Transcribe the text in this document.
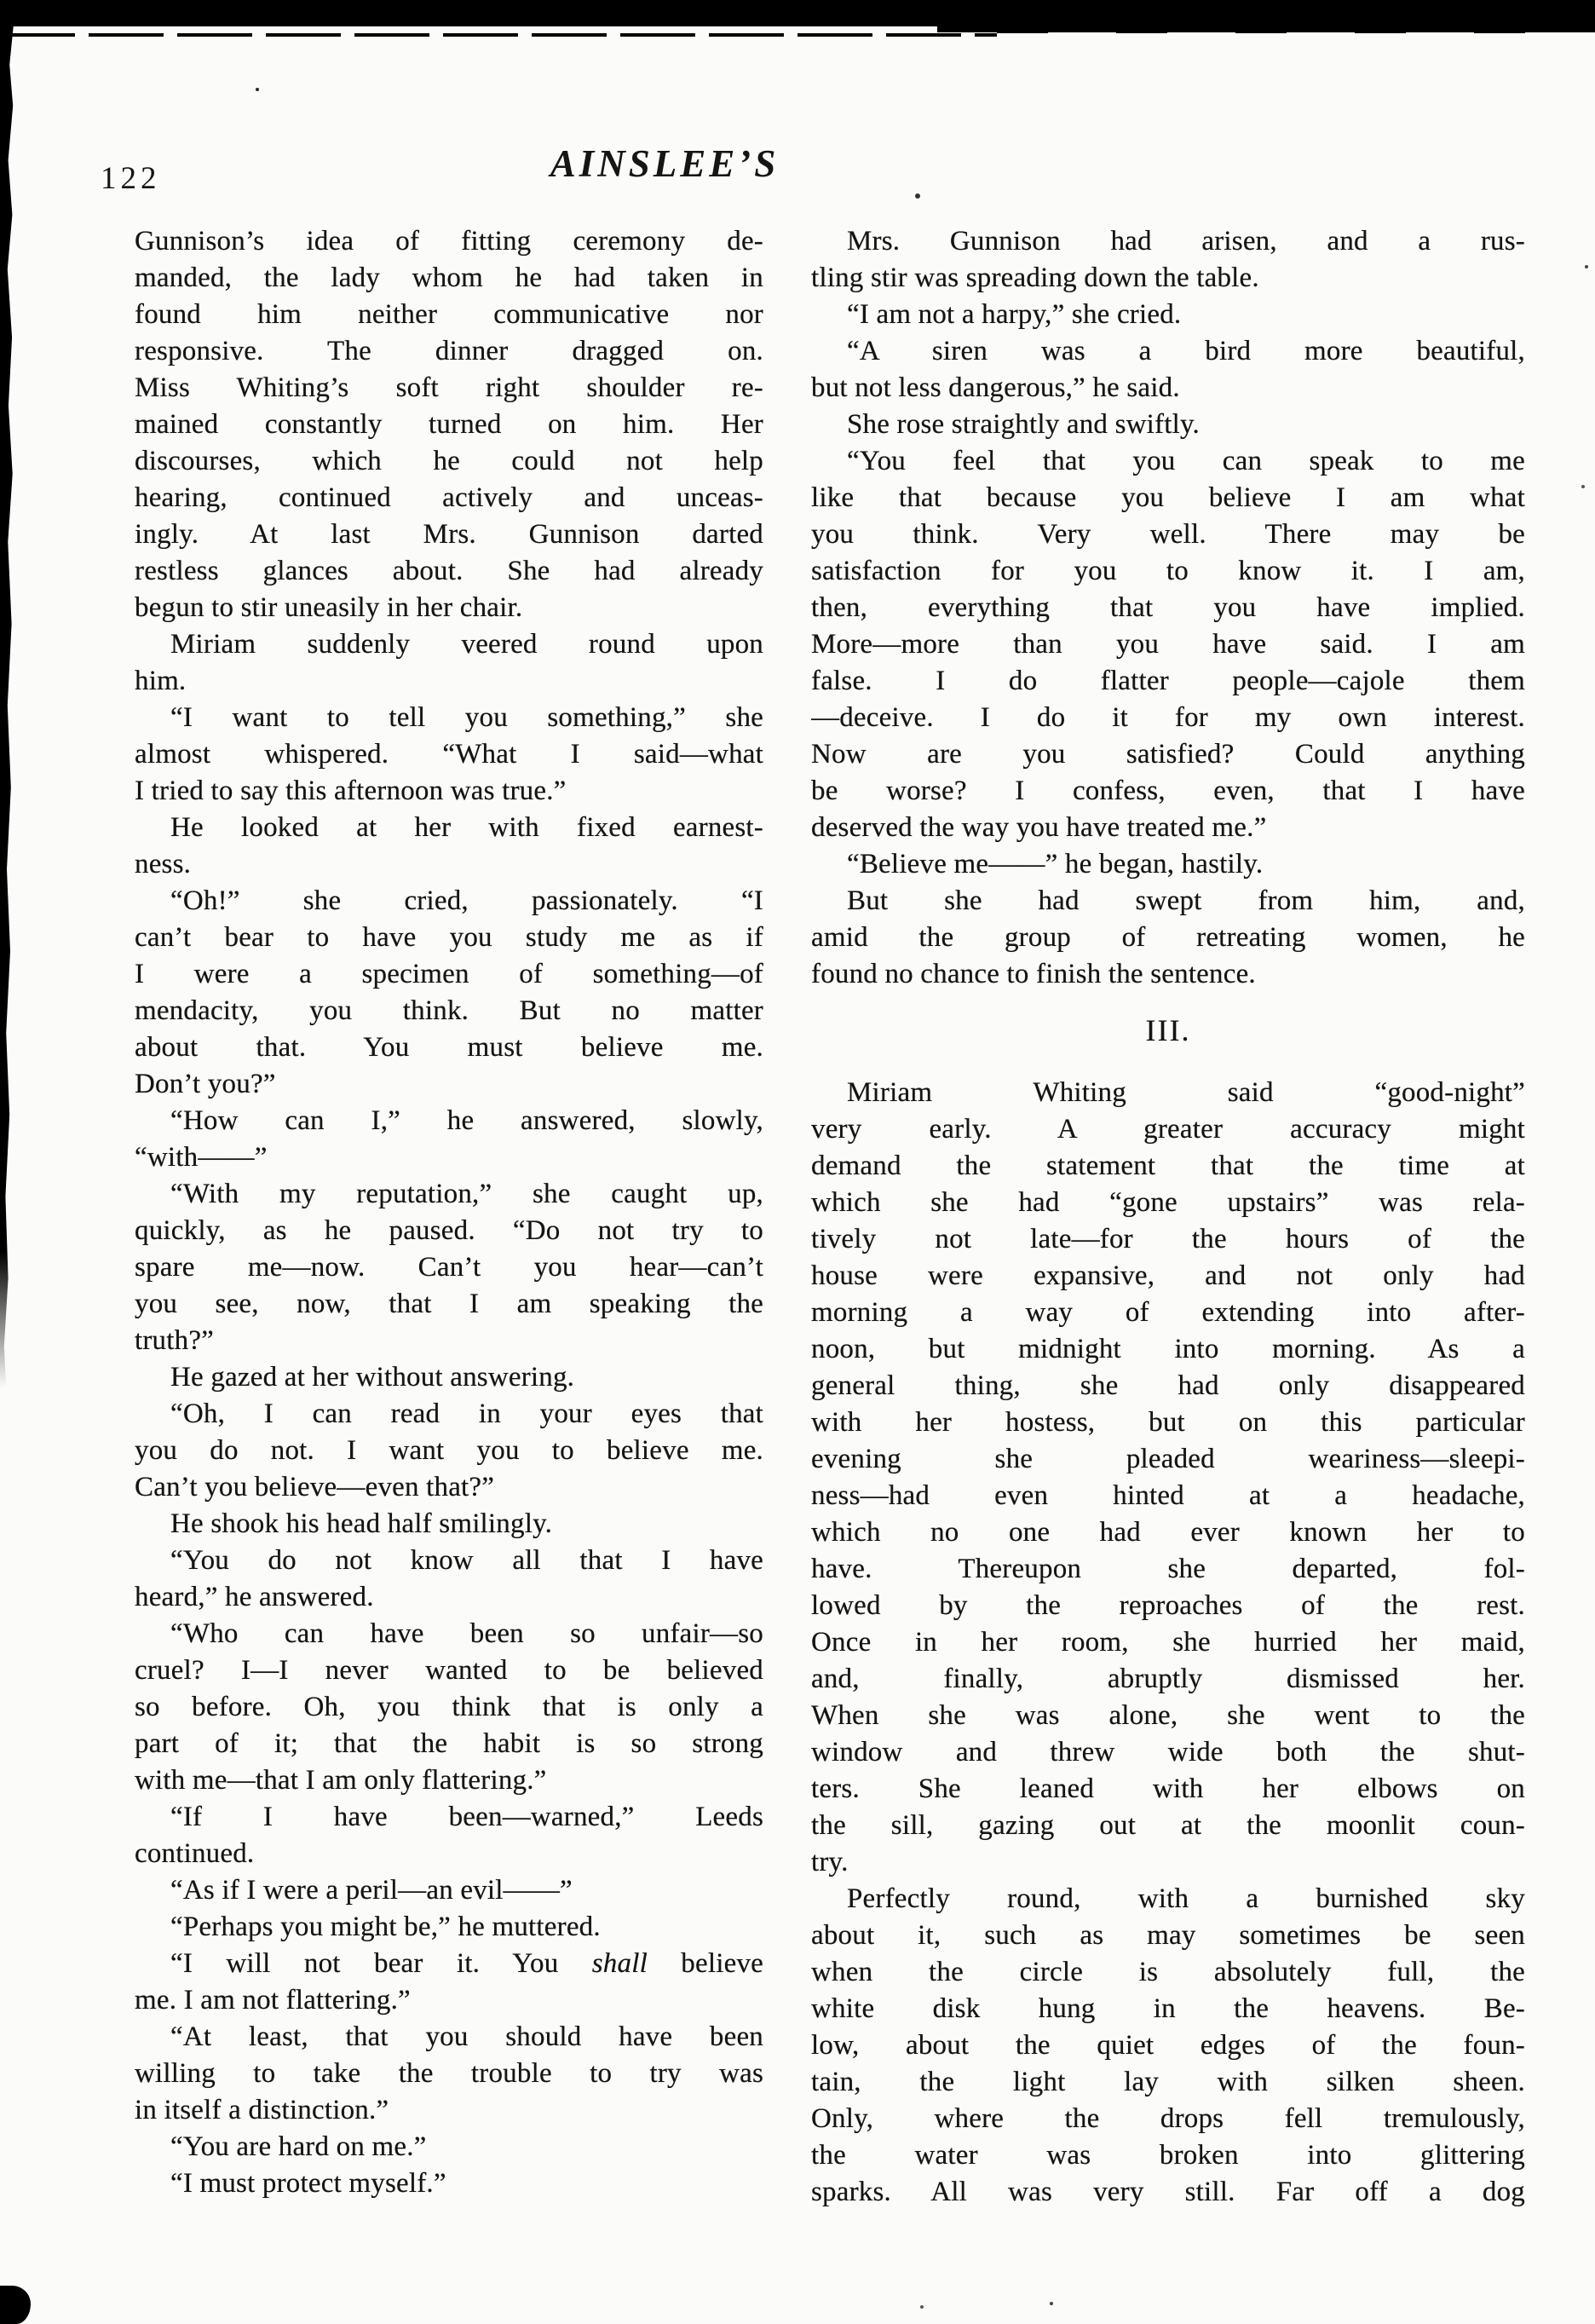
122	AINSLEE’S
Gunnison’s idea of fitting ceremony de-
manded, the lady whom he had taken in
found him neither communicative nor
responsive. The dinner dragged on.
Miss Whiting’s soft right shoulder re-
mained constantly turned on him. Her
discourses, which he could not help
hearing, continued actively and unceas-
ingly. At last Mrs. Gunnison darted
restless glances about. She had already
begun to stir uneasily in her chair.
Miriam suddenly veered round upon
him.
“I want to tell you something,” she
almost whispered. “What I said—what
I tried to say this afternoon was true.”
He looked at her with fixed earnest-
ness.
“Oh!” she cried, passionately. “I
can’t bear to have you study me as if
I were a specimen of something—of
mendacity, you think. But no matter
about that. You must believe me.
Don’t you?”
“How can I,” he answered, slowly,
“with——”
“With my reputation,” she caught up,
quickly, as he paused. “Do not try to
spare me—now. Can’t you hear—can’t
you see, now, that I am speaking the
truth?”
He gazed at her without answering.
“Oh, I can read in your eyes that
you do not. I want you to believe me.
Can’t you believe—even that?”
He shook his head half smilingly.
“You do not know all that I have
heard,” he answered.
“Who can have been so unfair—so
cruel? I—I never wanted to be believed
so before. Oh, you think that is only a
part of it; that the habit is so strong
with me—that I am only flattering.”
“If I have been—warned,” Leeds
continued.
“As if I were a peril—an evil——”
“Perhaps you might be,” he muttered.
“I will not bear it. You shall believe
me. I am not flattering.”
“At least, that you should have been
willing to take the trouble to try was
in itself a distinction.”
“You are hard on me.”
“I must protect myself.”
Mrs. Gunnison had arisen, and a rus-
tling stir was spreading down the table.
“I am not a harpy,” she cried.
“A siren was a bird more beautiful,
but not less dangerous,” he said.
She rose straightly and swiftly.
“You feel that you can speak to me
like that because you believe I am what
you think. Very well. There may be
satisfaction for you to know it. I am,
then, everything that you have implied.
More—more than you have said. I am
false. I do flatter people—cajole them
—deceive. I do it for my own interest.
Now are you satisfied? Could anything
be worse? I confess, even, that I have
deserved the way you have treated me.”
“Believe me——” he began, hastily.
But she had swept from him, and,
amid the group of retreating women, he
found no chance to finish the sentence.
III.
Miriam Whiting said “good-night”
very early. A greater accuracy might
demand the statement that the time at
which she had “gone upstairs” was rela-
tively not late—for the hours of the
house were expansive, and not only had
morning a way of extending into after-
noon, but midnight into morning. As a
general thing, she had only disappeared
with her hostess, but on this particular
evening she pleaded weariness—sleepi-
ness—had even hinted at a headache,
which no one had ever known her to
have. Thereupon she departed, fol-
lowed by the reproaches of the rest.
Once in her room, she hurried her maid,
and, finally, abruptly dismissed her.
When she was alone, she went to the
window and threw wide both the shut-
ters. She leaned with her elbows on
the sill, gazing out at the moonlit coun-
try.
Perfectly round, with a burnished sky
about it, such as may sometimes be seen
when the circle is absolutely full, the
white disk hung in the heavens. Be-
low, about the quiet edges of the foun-
tain, the light lay with silken sheen.
Only, where the drops fell tremulously,
the water was broken into glittering
sparks. All was very still. Far off a dog
